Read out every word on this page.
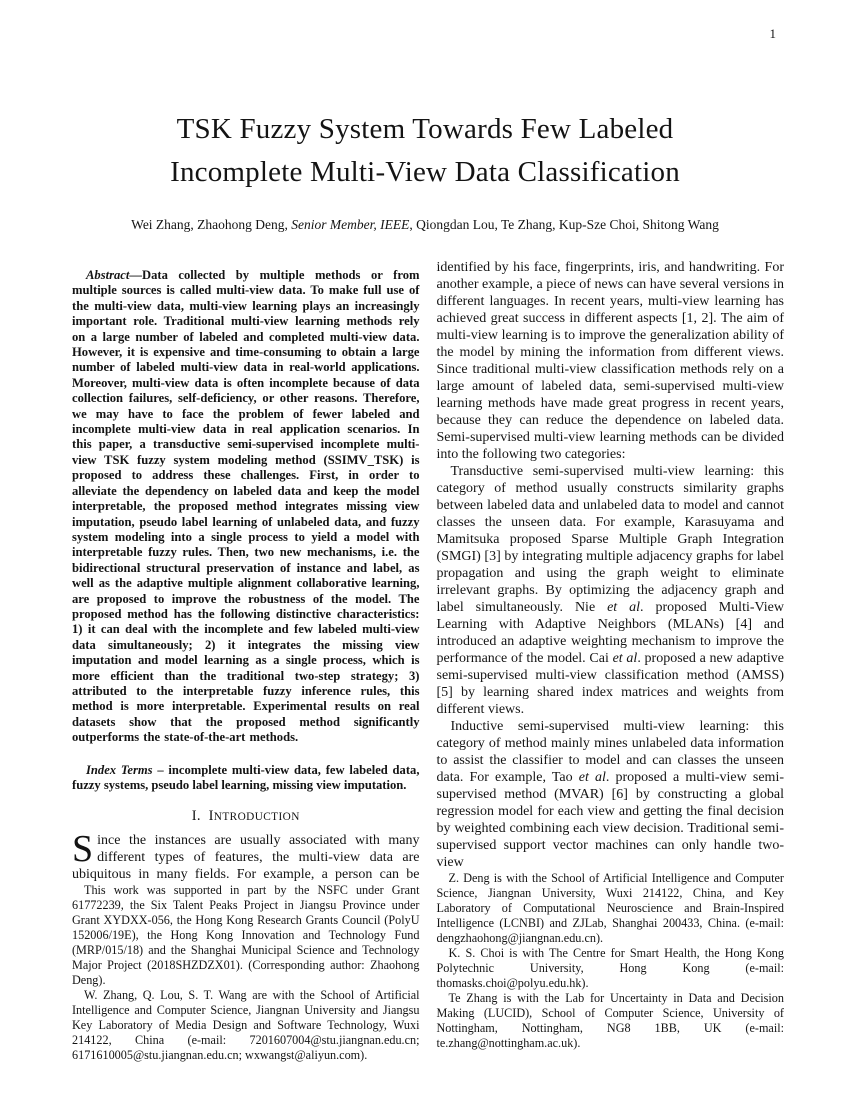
1
TSK Fuzzy System Towards Few Labeled
Incomplete Multi-View Data Classification
Wei Zhang, Zhaohong Deng, Senior Member, IEEE, Qiongdan Lou, Te Zhang, Kup-Sze Choi, Shitong Wang

Abstract—Data collected by multiple methods or from multiple sources is called multi-view data. To make full use of the multi-view data, multi-view learning plays an increasingly important role. Traditional multi-view learning methods rely on a large number of labeled and completed multi-view data. However, it is expensive and time-consuming to obtain a large number of labeled multi-view data in real-world applications. Moreover, multi-view data is often incomplete because of data collection failures, self-deficiency, or other reasons. Therefore, we may have to face the problem of fewer labeled and incomplete multi-view data in real application scenarios. In this paper, a transductive semi-supervised incomplete multi-view TSK fuzzy system modeling method (SSIMV_TSK) is proposed to address these challenges. First, in order to alleviate the dependency on labeled data and keep the model interpretable, the proposed method integrates missing view imputation, pseudo label learning of unlabeled data, and fuzzy system modeling into a single process to yield a model with interpretable fuzzy rules. Then, two new mechanisms, i.e. the bidirectional structural preservation of instance and label, as well as the adaptive multiple alignment collaborative learning, are proposed to improve the robustness of the model. The proposed method has the following distinctive characteristics: 1) it can deal with the incomplete and few labeled multi-view data simultaneously; 2) it integrates the missing view imputation and model learning as a single process, which is more efficient than the traditional two-step strategy; 3) attributed to the interpretable fuzzy inference rules, this method is more interpretable. Experimental results on real datasets show that the proposed method significantly outperforms the state-of-the-art methods.

Index Terms – incomplete multi-view data, few labeled data, fuzzy systems, pseudo label learning, missing view imputation.

I.  INTRODUCTION

Since the instances are usually associated with many different types of features, the multi-view data are ubiquitous in many fields. For example, a person can be

This work was supported in part by the NSFC under Grant 61772239, the Six Talent Peaks Project in Jiangsu Province under Grant XYDXX-056, the Hong Kong Research Grants Council (PolyU 152006/19E), the Hong Kong Innovation and Technology Fund (MRP/015/18) and the Shanghai Municipal Science and Technology Major Project (2018SHZDZX01). (Corresponding author: Zhaohong Deng).

W. Zhang, Q. Lou, S. T. Wang are with the School of Artificial Intelligence and Computer Science, Jiangnan University and Jiangsu Key Laboratory of Media Design and Software Technology, Wuxi 214122, China (e-mail: 7201607004@stu.jiangnan.edu.cn; 6171610005@stu.jiangnan.edu.cn; wxwangst@aliyun.com).

identified by his face, fingerprints, iris, and handwriting. For another example, a piece of news can have several versions in different languages. In recent years, multi-view learning has achieved great success in different aspects [1, 2]. The aim of multi-view learning is to improve the generalization ability of the model by mining the information from different views. Since traditional multi-view classification methods rely on a large amount of labeled data, semi-supervised multi-view learning methods have made great progress in recent years, because they can reduce the dependence on labeled data. Semi-supervised multi-view learning methods can be divided into the following two categories:

Transductive semi-supervised multi-view learning: this category of method usually constructs similarity graphs between labeled data and unlabeled data to model and cannot classes the unseen data. For example, Karasuyama and Mamitsuka proposed Sparse Multiple Graph Integration (SMGI) [3] by integrating multiple adjacency graphs for label propagation and using the graph weight to eliminate irrelevant graphs. By optimizing the adjacency graph and label simultaneously. Nie et al. proposed Multi-View Learning with Adaptive Neighbors (MLANs) [4] and introduced an adaptive weighting mechanism to improve the performance of the model. Cai et al. proposed a new adaptive semi-supervised multi-view classification method (AMSS) [5] by learning shared index matrices and weights from different views.

Inductive semi-supervised multi-view learning: this category of method mainly mines unlabeled data information to assist the classifier to model and can classes the unseen data. For example, Tao et al. proposed a multi-view semi-supervised method (MVAR) [6] by constructing a global regression model for each view and getting the final decision by weighted combining each view decision. Traditional semi-supervised support vector machines can only handle two-view

Z. Deng is with the School of Artificial Intelligence and Computer Science, Jiangnan University, Wuxi 214122, China, and Key Laboratory of Computational Neuroscience and Brain-Inspired Intelligence (LCNBI) and ZJLab, Shanghai 200433, China. (e-mail: dengzhaohong@jiangnan.edu.cn).

K. S. Choi is with The Centre for Smart Health, the Hong Kong Polytechnic University, Hong Kong (e-mail: thomasks.choi@polyu.edu.hk).

Te Zhang is with the Lab for Uncertainty in Data and Decision Making (LUCID), School of Computer Science, University of Nottingham, Nottingham, NG8 1BB, UK (e-mail: te.zhang@nottingham.ac.uk).
